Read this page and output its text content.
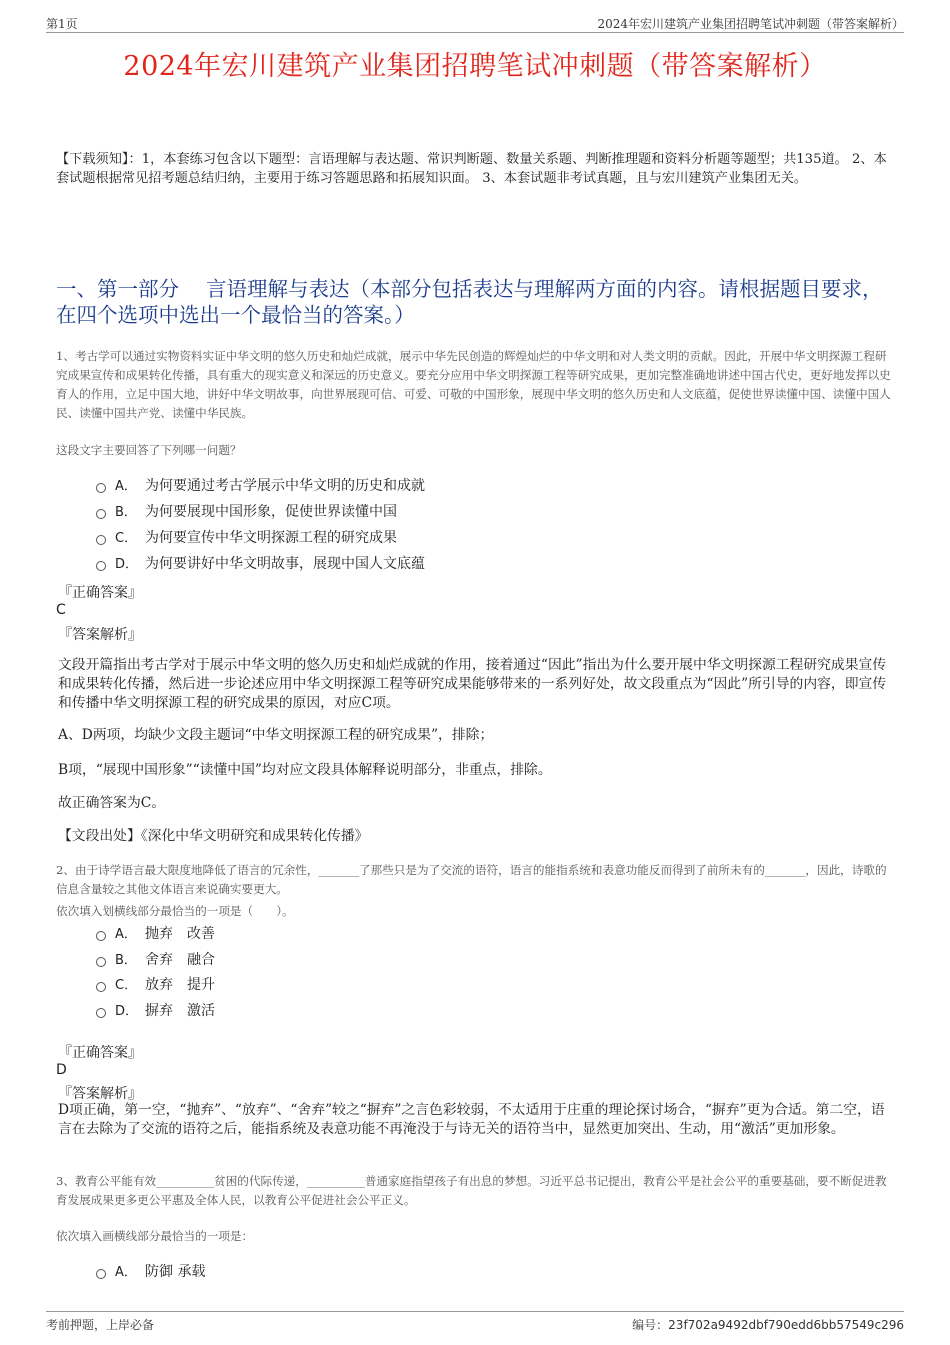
第1页	2024年宏川建筑产业集团招聘笔试冲刺题（带答案解析）
2024年宏川建筑产业集团招聘笔试冲刺题（带答案解析）
【下载须知】：1，本套练习包含以下题型：言语理解与表达题、常识判断题、数量关系题、判断推理题和资料分析题等题型；共135道。 2、本套试题根据常见招考题总结归纳，主要用于练习答题思路和拓展知识面。 3、本套试题非考试真题，且与宏川建筑产业集团无关。
一、第一部分　 言语理解与表达（本部分包括表达与理解两方面的内容。请根据题目要求，在四个选项中选出一个最恰当的答案。）
1、考古学可以通过实物资料实证中华文明的悠久历史和灿烂成就，展示中华先民创造的辉煌灿烂的中华文明和对人类文明的贡献。因此，开展中华文明探源工程研究成果宣传和成果转化传播，具有重大的现实意义和深远的历史意义。要充分应用中华文明探源工程等研究成果，更加完整准确地讲述中国古代史，更好地发挥以史育人的作用，立足中国大地，讲好中华文明故事，向世界展现可信、可爱、可敬的中国形象，展现中华文明的悠久历史和人文底蕴，促使世界读懂中国、读懂中国人民、读懂中国共产党、读懂中华民族。
这段文字主要回答了下列哪一问题？
A． 为何要通过考古学展示中华文明的历史和成就
B． 为何要展现中国形象，促使世界读懂中国
C． 为何要宣传中华文明探源工程的研究成果
D． 为何要讲好中华文明故事，展现中国人文底蕴
『正确答案』
C
『答案解析』
文段开篇指出考古学对于展示中华文明的悠久历史和灿烂成就的作用，接着通过“因此”指出为什么要开展中华文明探源工程研究成果宣传和成果转化传播，然后进一步论述应用中华文明探源工程等研究成果能够带来的一系列好处，故文段重点为“因此”所引导的内容，即宣传和传播中华文明探源工程的研究成果的原因，对应C项。
A、D两项，均缺少文段主题词“中华文明探源工程的研究成果”，排除；
B项，“展现中国形象”“读懂中国”均对应文段具体解释说明部分，非重点，排除。
故正确答案为C。
【文段出处】《深化中华文明研究和成果转化传播》
2、由于诗学语言最大限度地降低了语言的冗余性，_______了那些只是为了交流的语符，语言的能指系统和表意功能反而得到了前所未有的_______，因此，诗歌的信息含量较之其他文体语言来说确实要更大。
依次填入划横线部分最恰当的一项是（　　）。
A． 抛弃　改善
B． 舍弃　融合
C． 放弃　提升
D． 摒弃　激活
『正确答案』
D
『答案解析』
D项正确，第一空，“抛弃”、“放弃”、“舍弃”较之“摒弃”之言色彩较弱，不太适用于庄重的理论探讨场合，“摒弃”更为合适。第二空，语言在去除为了交流的语符之后，能指系统及表意功能不再淹没于与诗无关的语符当中，显然更加突出、生动，用“激活”更加形象。
3、教育公平能有效__________贫困的代际传递，__________普通家庭指望孩子有出息的梦想。习近平总书记提出，教育公平是社会公平的重要基础，要不断促进教育发展成果更多更公平惠及全体人民，以教育公平促进社会公平正义。
依次填入画横线部分最恰当的一项是：
A． 防御 承载
考前押题，上岸必备	编号：23f702a9492dbf790edd6bb57549c296
